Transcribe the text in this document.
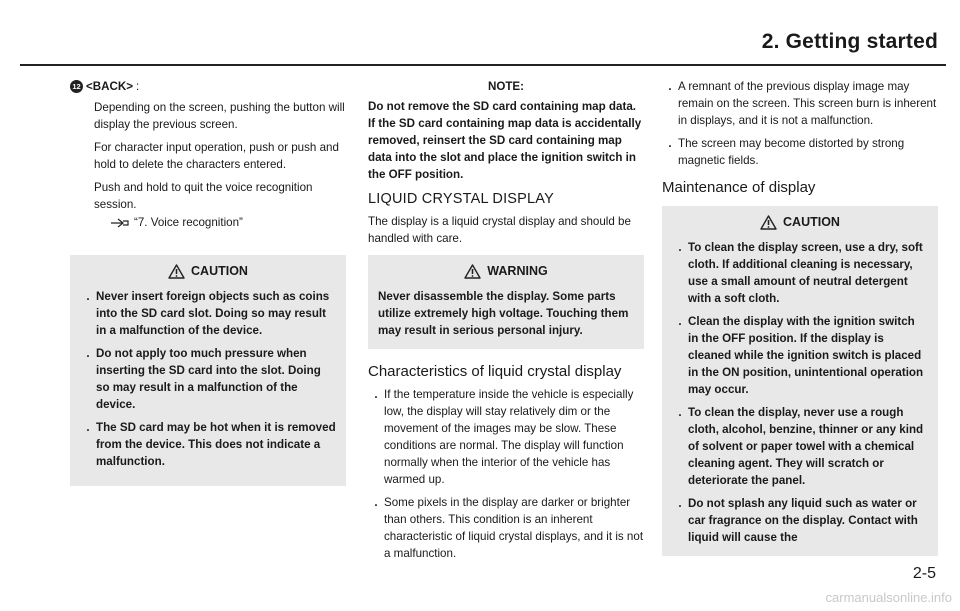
2. Getting started
12 <BACK> :

Depending on the screen, pushing the button will display the previous screen.

For character input operation, push or push and hold to delete the characters entered.

Push and hold to quit the voice recognition session.

“7. Voice recognition”
CAUTION
. Never insert foreign objects such as coins into the SD card slot. Doing so may result in a malfunction of the device.
. Do not apply too much pressure when inserting the SD card into the slot. Doing so may result in a malfunction of the device.
. The SD card may be hot when it is removed from the device. This does not indicate a malfunction.
NOTE:

Do not remove the SD card containing map data. If the SD card containing map data is accidentally removed, reinsert the SD card containing map data into the slot and place the ignition switch in the OFF position.

LIQUID CRYSTAL DISPLAY

The display is a liquid crystal display and should be handled with care.

WARNING

Never disassemble the display. Some parts utilize extremely high voltage. Touching them may result in serious personal injury.

Characteristics of liquid crystal display
. If the temperature inside the vehicle is especially low, the display will stay relatively dim or the movement of the images may be slow. These conditions are normal. The display will function normally when the interior of the vehicle has warmed up.
. Some pixels in the display are darker or brighter than others. This condition is an inherent characteristic of liquid crystal displays, and it is not a malfunction.
. A remnant of the previous display image may remain on the screen. This screen burn is inherent in displays, and it is not a malfunction.
. The screen may become distorted by strong magnetic fields.
Maintenance of display
CAUTION
. To clean the display screen, use a dry, soft cloth. If additional cleaning is necessary, use a small amount of neutral detergent with a soft cloth.
. Clean the display with the ignition switch in the OFF position. If the display is cleaned while the ignition switch is placed in the ON position, unintentional operation may occur.
. To clean the display, never use a rough cloth, alcohol, benzine, thinner or any kind of solvent or paper towel with a chemical cleaning agent. They will scratch or deteriorate the panel.
. Do not splash any liquid such as water or car fragrance on the display. Contact with liquid will cause the
2-5
carmanualsonline.info
